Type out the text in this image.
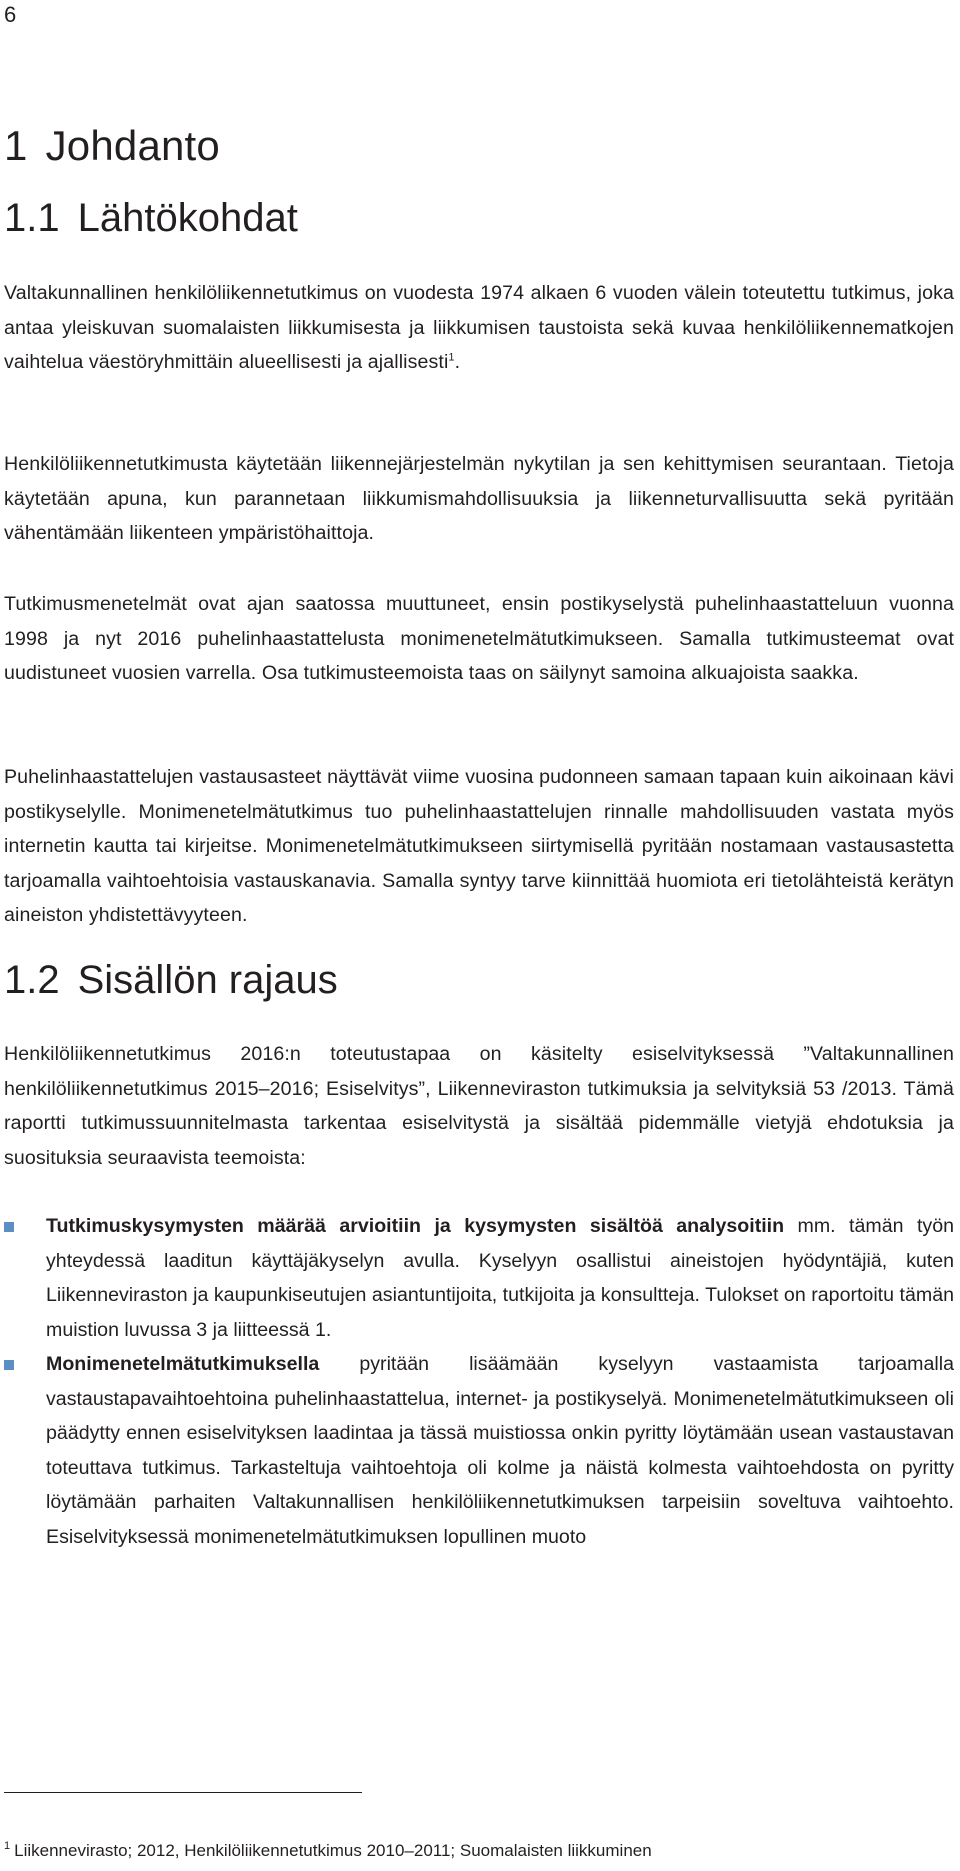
6
1 Johdanto
1.1 Lähtökohdat

Valtakunnallinen henkilöliikennetutkimus on vuodesta 1974 alkaen 6 vuoden välein toteutettu tutkimus, joka antaa yleiskuvan suomalaisten liikkumisesta ja liikkumisen taustoista sekä kuvaa henkilöliikennematkojen vaihtelua väestöryhmittäin alueellisesti ja ajallisesti$^1$.

Henkilöliikennetutkimusta käytetään liikennejärjestelmän nykytilan ja sen kehittymisen seurantaan. Tietoja käytetään apuna, kun parannetaan liikkumismahdollisuuksia ja liikenneturvallisuutta sekä pyritään vähentämään liikenteen ympäristöhaittoja.

Tutkimusmenetelmät ovat ajan saatossa muuttuneet, ensin postikyselystä puhelinhaastatteluun vuonna 1998 ja nyt 2016 puhelinhaastattelusta monimenetelmätutkimukseen. Samalla tutkimusteemat ovat uudistuneet vuosien varrella. Osa tutkimusteemoista taas on säilynyt samoina alkuajoista saakka.

Puhelinhaastattelujen vastausasteet näyttävät viime vuosina pudonneen samaan tapaan kuin aikoinaan kävi postikyselylle. Monimenetelmätutkimus tuo puhelinhaastattelujen rinnalle mahdollisuuden vastata myös internetin kautta tai kirjeitse. Monimenetelmätutkimukseen siirtymisellä pyritään nostamaan vastausastetta tarjoamalla vaihtoehtoisia vastauskanavia. Samalla syntyy tarve kiinnittää huomiota eri tietolähteistä kerätyn aineiston yhdistettävyyteen.

1.2 Sisällön rajaus

Henkilöliikennetutkimus 2016:n toteutustapaa on käsitelty esiselvityksessä ”Valtakunnallinen henkilöliikennetutkimus 2015–2016; Esiselvitys”, Liikenneviraston tutkimuksia ja selvityksiä 53 /2013. Tämä raportti tutkimussuunnitelmasta tarkentaa esiselvitystä ja sisältää pidemmälle vietyjä ehdotuksia ja suosituksia seuraavista teemoista:

Tutkimuskysymysten määrää arvioitiin ja kysymysten sisältöä analysoitiin mm. tämän työn yhteydessä laaditun käyttäjäkyselyn avulla. Kyselyyn osallistui aineistojen hyödyntäjiä, kuten Liikenneviraston ja kaupunkiseutujen asiantuntijoita, tutkijoita ja konsultteja. Tulokset on raportoitu tämän muistion luvussa 3 ja liitteessä 1.
Monimenetelmätutkimuksella pyritään lisäämään kyselyyn vastaamista tarjoamalla vastaustapavaihtoehtoina puhelinhaastattelua, internet- ja postikyselyä. Monimenetelmätutkimukseen oli päädytty ennen esiselvityksen laadintaa ja tässä muistiossa onkin pyritty löytämään usean vastaustavan toteuttava tutkimus. Tarkasteltuja vaihtoehtoja oli kolme ja näistä kolmesta vaihtoehdosta on pyritty löytämään parhaiten Valtakunnallisen henkilöliikennetutkimuksen tarpeisiin soveltuva vaihtoehto. Esiselvityksessä monimenetelmätutkimuksen lopullinen muoto
$^1$ Liikennevirasto; 2012, Henkilöliikennetutkimus 2010–2011; Suomalaisten liikkuminen
